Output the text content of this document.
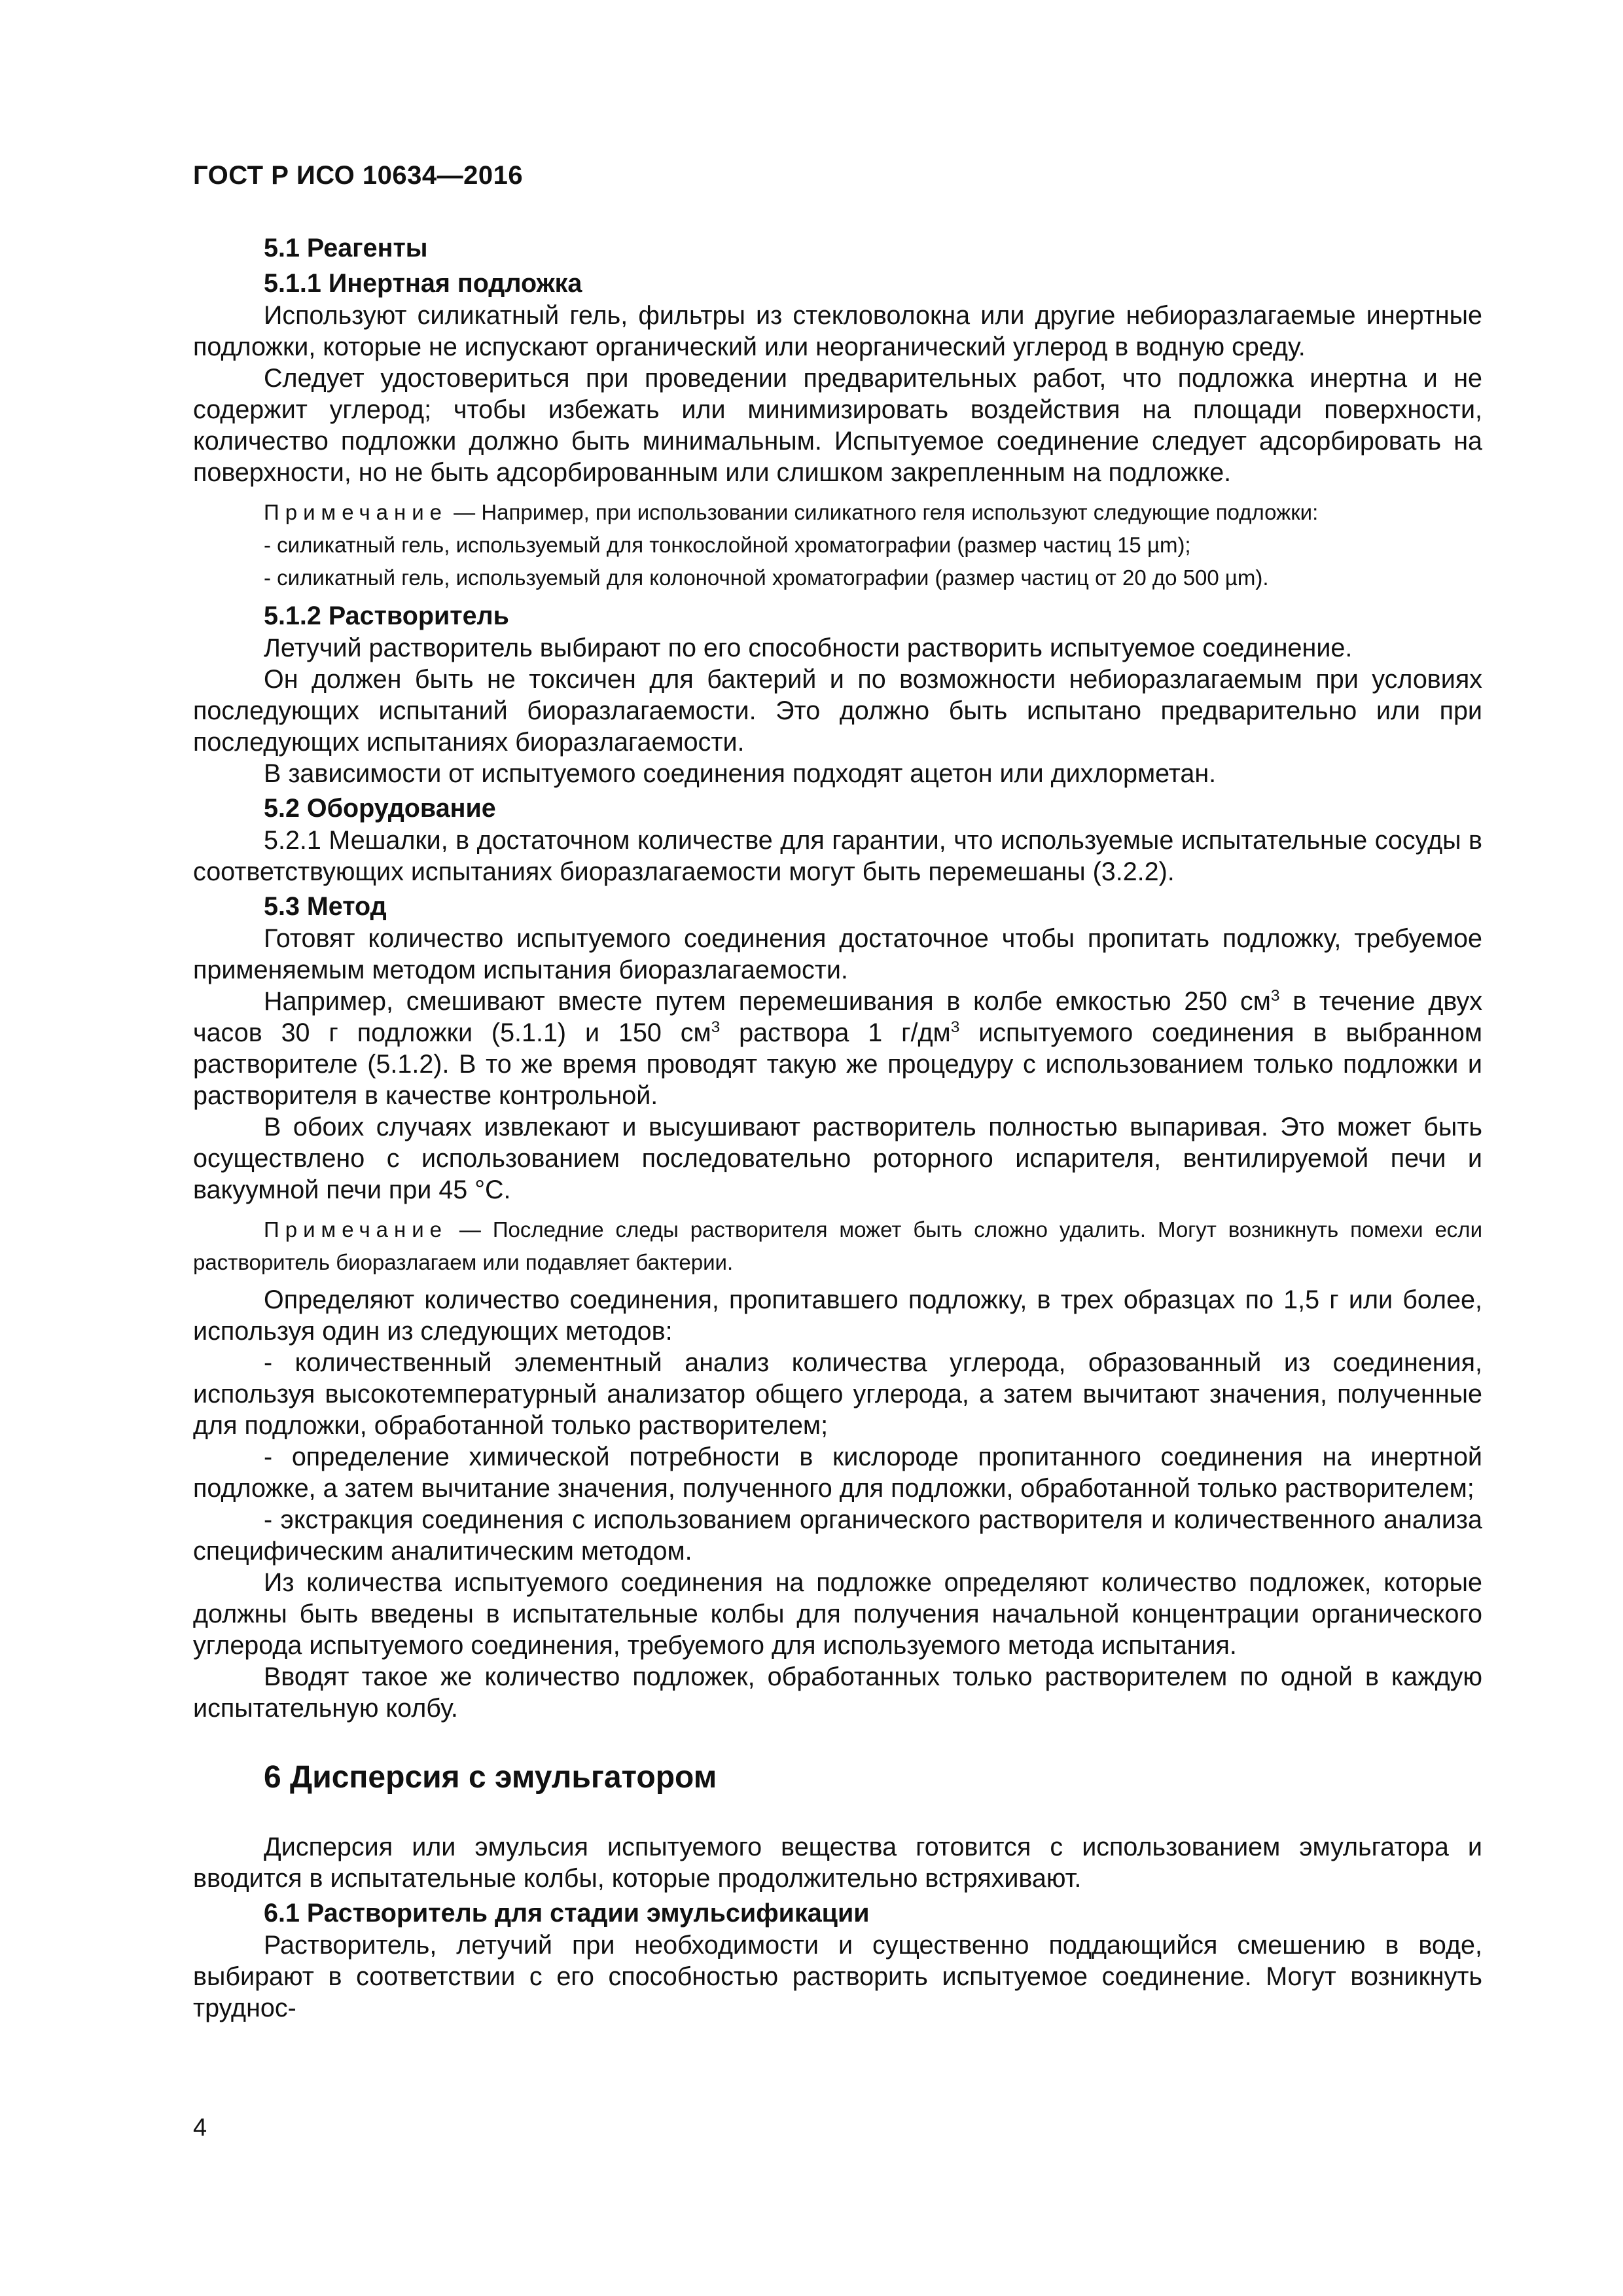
ГОСТ Р ИСО 10634—2016
5.1 Реагенты
5.1.1 Инертная подложка

Используют силикатный гель, фильтры из стекловолокна или другие небиоразлагаемые инертные подложки, которые не испускают органический или неорганический углерод в водную среду.

Следует удостовериться при проведении предварительных работ, что подложка инертна и не содержит углерод; чтобы избежать или минимизировать воздействия на площади поверхности, количество подложки должно быть минимальным. Испытуемое соединение следует адсорбировать на поверхности, но не быть адсорбированным или слишком закрепленным на подложке.

Примечание — Например, при использовании силикатного геля используют следующие подложки:

- силикатный гель, используемый для тонкослойной хроматографии (размер частиц 15 µm);

- силикатный гель, используемый для колоночной хроматографии (размер частиц от 20 до 500 µm).

5.1.2 Растворитель

Летучий растворитель выбирают по его способности растворить испытуемое соединение.

Он должен быть не токсичен для бактерий и по возможности небиоразлагаемым при условиях последующих испытаний биоразлагаемости. Это должно быть испытано предварительно или при последующих испытаниях биоразлагаемости.

В зависимости от испытуемого соединения подходят ацетон или дихлорметан.

5.2 Оборудование

5.2.1 Мешалки, в достаточном количестве для гарантии, что используемые испытательные сосуды в соответствующих испытаниях биоразлагаемости могут быть перемешаны (3.2.2).

5.3 Метод

Готовят количество испытуемого соединения достаточное чтобы пропитать подложку, требуемое применяемым методом испытания биоразлагаемости.

Например, смешивают вместе путем перемешивания в колбе емкостью 250 $см^3$ в течение двух часов 30 г подложки (5.1.1) и 150 $см^3$ раствора 1 $г/дм^3$ испытуемого соединения в выбранном растворителе (5.1.2). В то же время проводят такую же процедуру с использованием только подложки и растворителя в качестве контрольной.

В обоих случаях извлекают и высушивают растворитель полностью выпаривая. Это может быть осуществлено с использованием последовательно роторного испарителя, вентилируемой печи и вакуумной печи при 45 °С.

Примечание — Последние следы растворителя может быть сложно удалить. Могут возникнуть помехи если растворитель биоразлагаем или подавляет бактерии.

Определяют количество соединения, пропитавшего подложку, в трех образцах по 1,5 г или более, используя один из следующих методов:

- количественный элементный анализ количества углерода, образованный из соединения, используя высокотемпературный анализатор общего углерода, а затем вычитают значения, полученные для подложки, обработанной только растворителем;

- определение химической потребности в кислороде пропитанного соединения на инертной подложке, а затем вычитание значения, полученного для подложки, обработанной только растворителем;

- экстракция соединения с использованием органического растворителя и количественного анализа специфическим аналитическим методом.

Из количества испытуемого соединения на подложке определяют количество подложек, которые должны быть введены в испытательные колбы для получения начальной концентрации органического углерода испытуемого соединения, требуемого для используемого метода испытания.

Вводят такое же количество подложек, обработанных только растворителем по одной в каждую испытательную колбу.

6 Дисперсия с эмульгатором

Дисперсия или эмульсия испытуемого вещества готовится с использованием эмульгатора и вводится в испытательные колбы, которые продолжительно встряхивают.

6.1 Растворитель для стадии эмульсификации

Растворитель, летучий при необходимости и существенно поддающийся смешению в воде, выбирают в соответствии с его способностью растворить испытуемое соединение. Могут возникнуть труднос-

4
